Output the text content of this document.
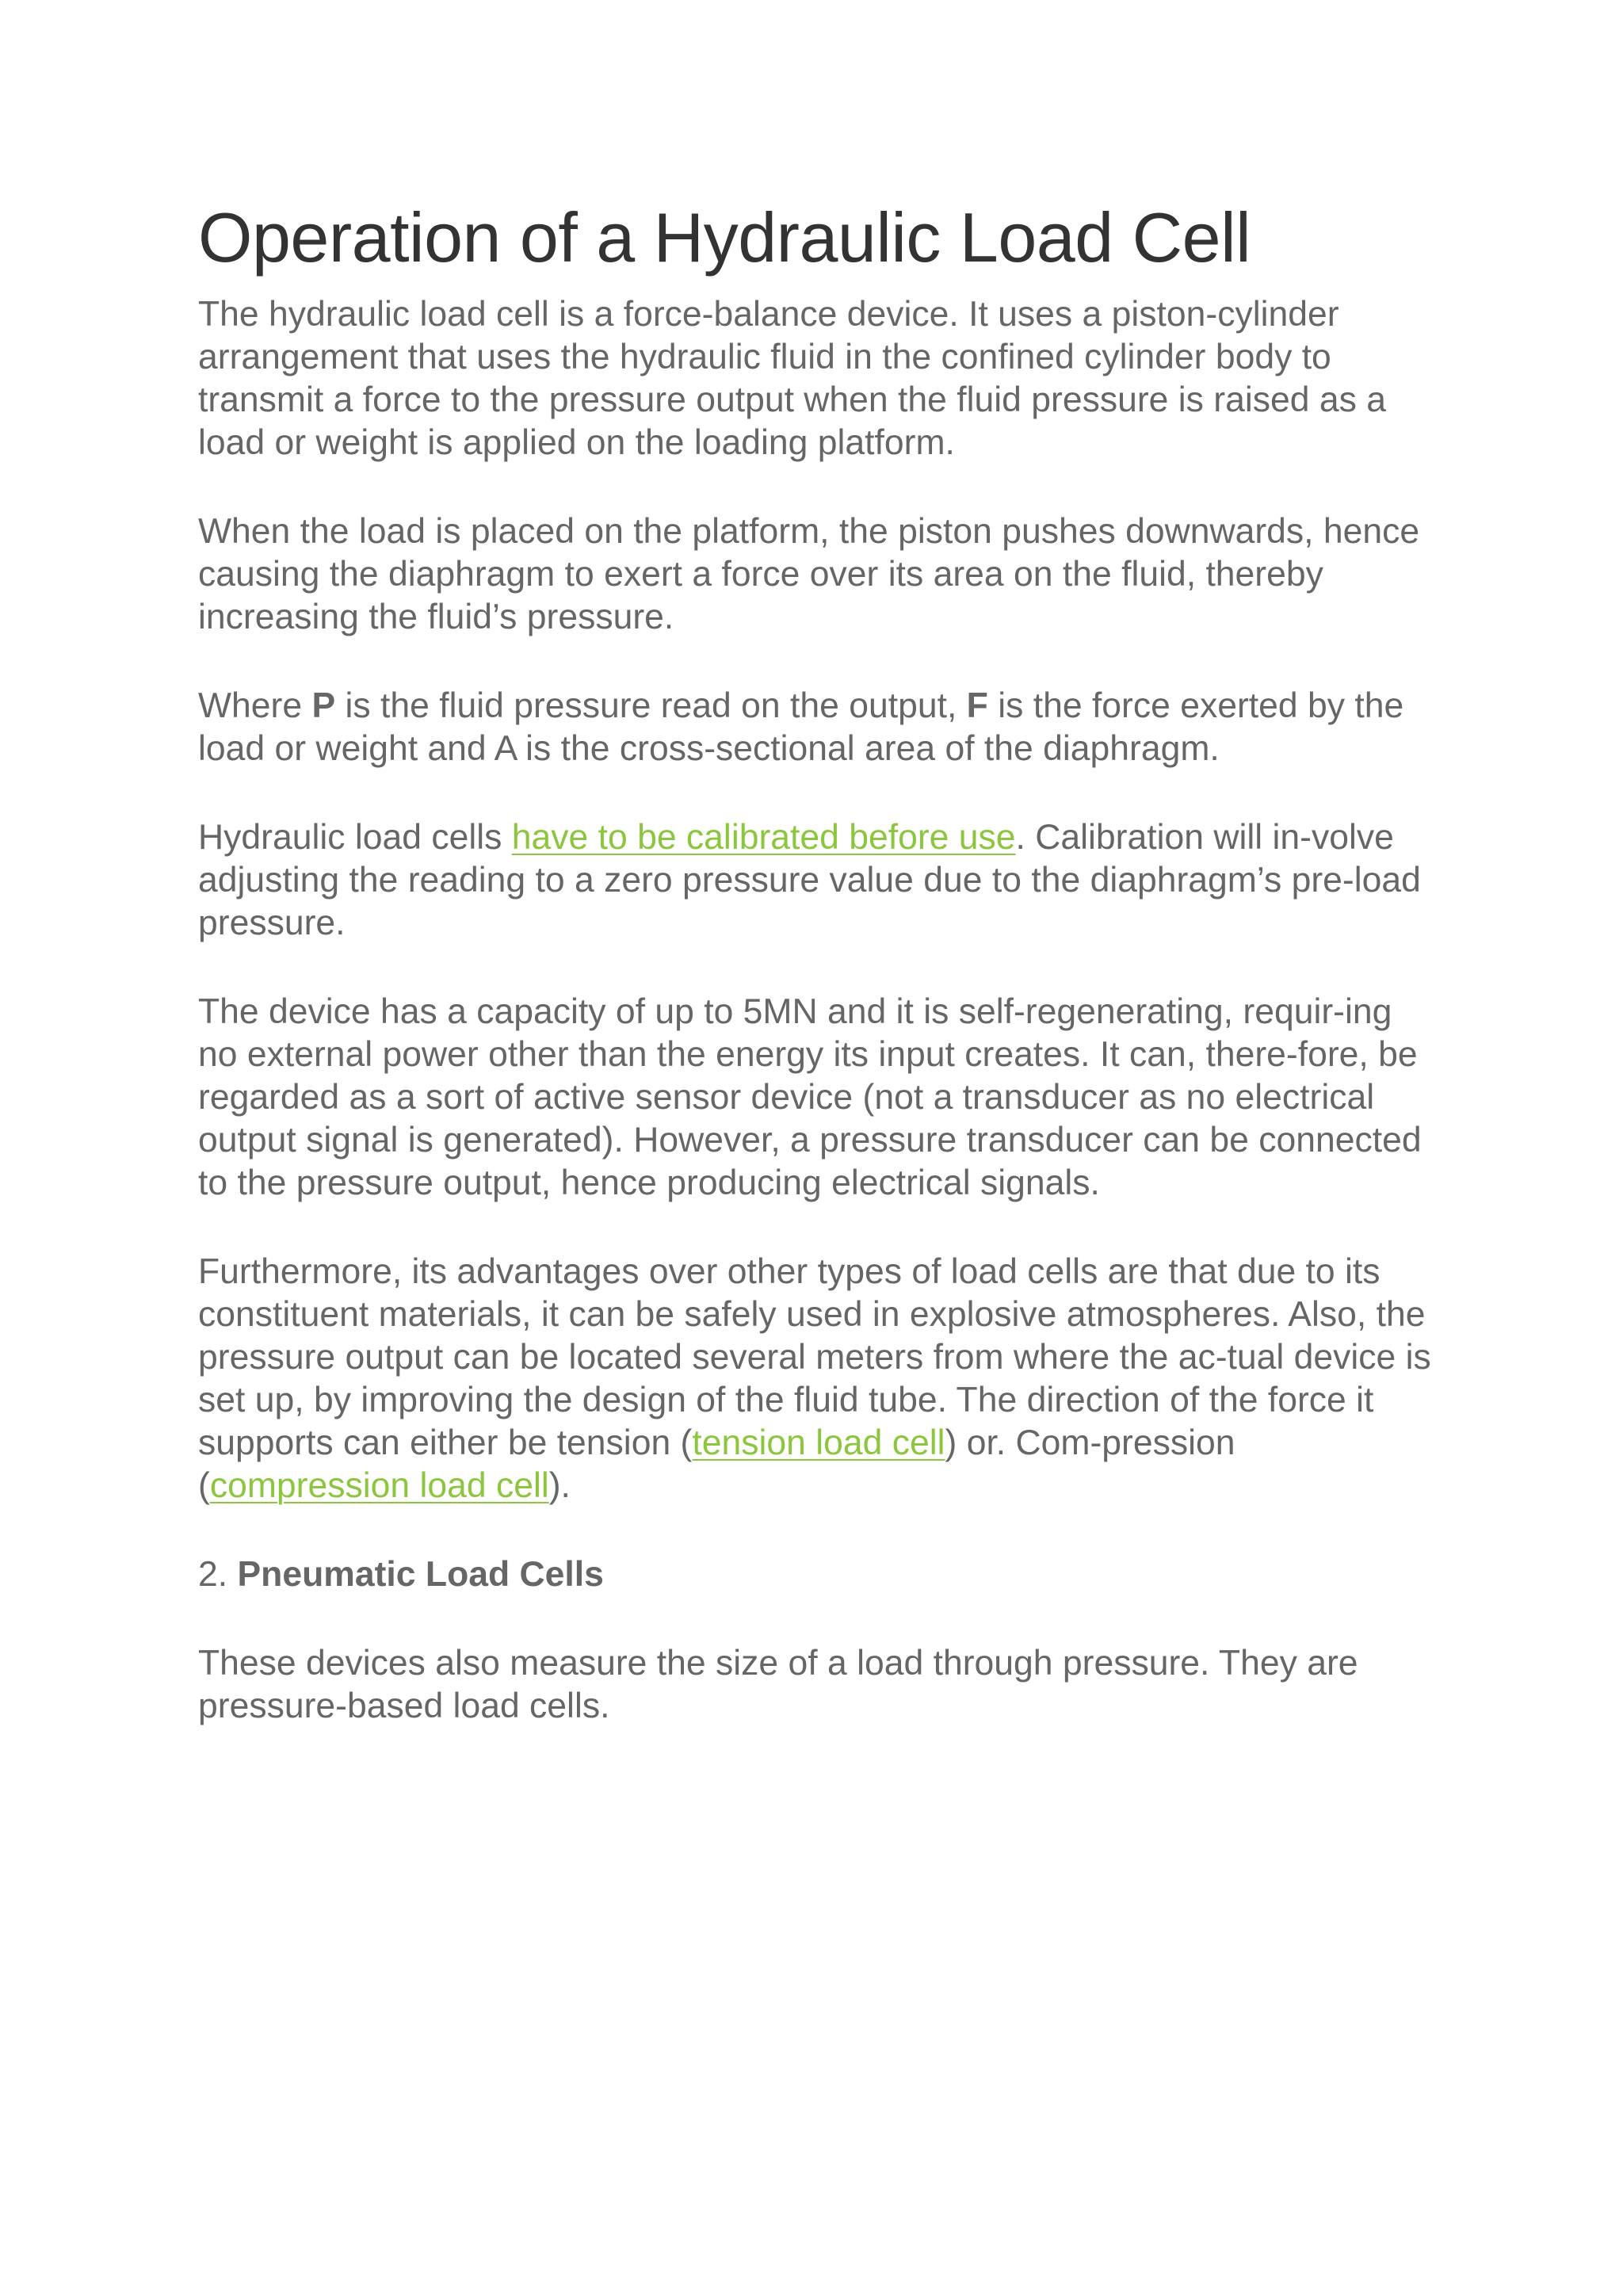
Operation of a Hydraulic Load Cell

The hydraulic load cell is a force-balance device. It uses a piston-cylinder arrangement that uses the hydraulic fluid in the confined cylinder body to transmit a force to the pressure output when the fluid pressure is raised as a load or weight is applied on the loading platform.

When the load is placed on the platform, the piston pushes downwards, hence causing the diaphragm to exert a force over its area on the fluid, thereby increasing the fluid’s pressure.

Where P is the fluid pressure read on the output, F is the force exerted by the load or weight and A is the cross-sectional area of the diaphragm.

Hydraulic load cells have to be calibrated before use. Calibration will in-volve adjusting the reading to a zero pressure value due to the diaphragm’s pre-load pressure.

The device has a capacity of up to 5MN and it is self-regenerating, requir-ing no external power other than the energy its input creates. It can, there-fore, be regarded as a sort of active sensor device (not a transducer as no electrical output signal is generated). However, a pressure transducer can be connected to the pressure output, hence producing electrical signals.

Furthermore, its advantages over other types of load cells are that due to its constituent materials, it can be safely used in explosive atmospheres. Also, the pressure output can be located several meters from where the ac-tual device is set up, by improving the design of the fluid tube. The direction of the force it supports can either be tension (tension load cell) or. Com-pression (compression load cell).

2. Pneumatic Load Cells

These devices also measure the size of a load through pressure. They are pressure-based load cells.
